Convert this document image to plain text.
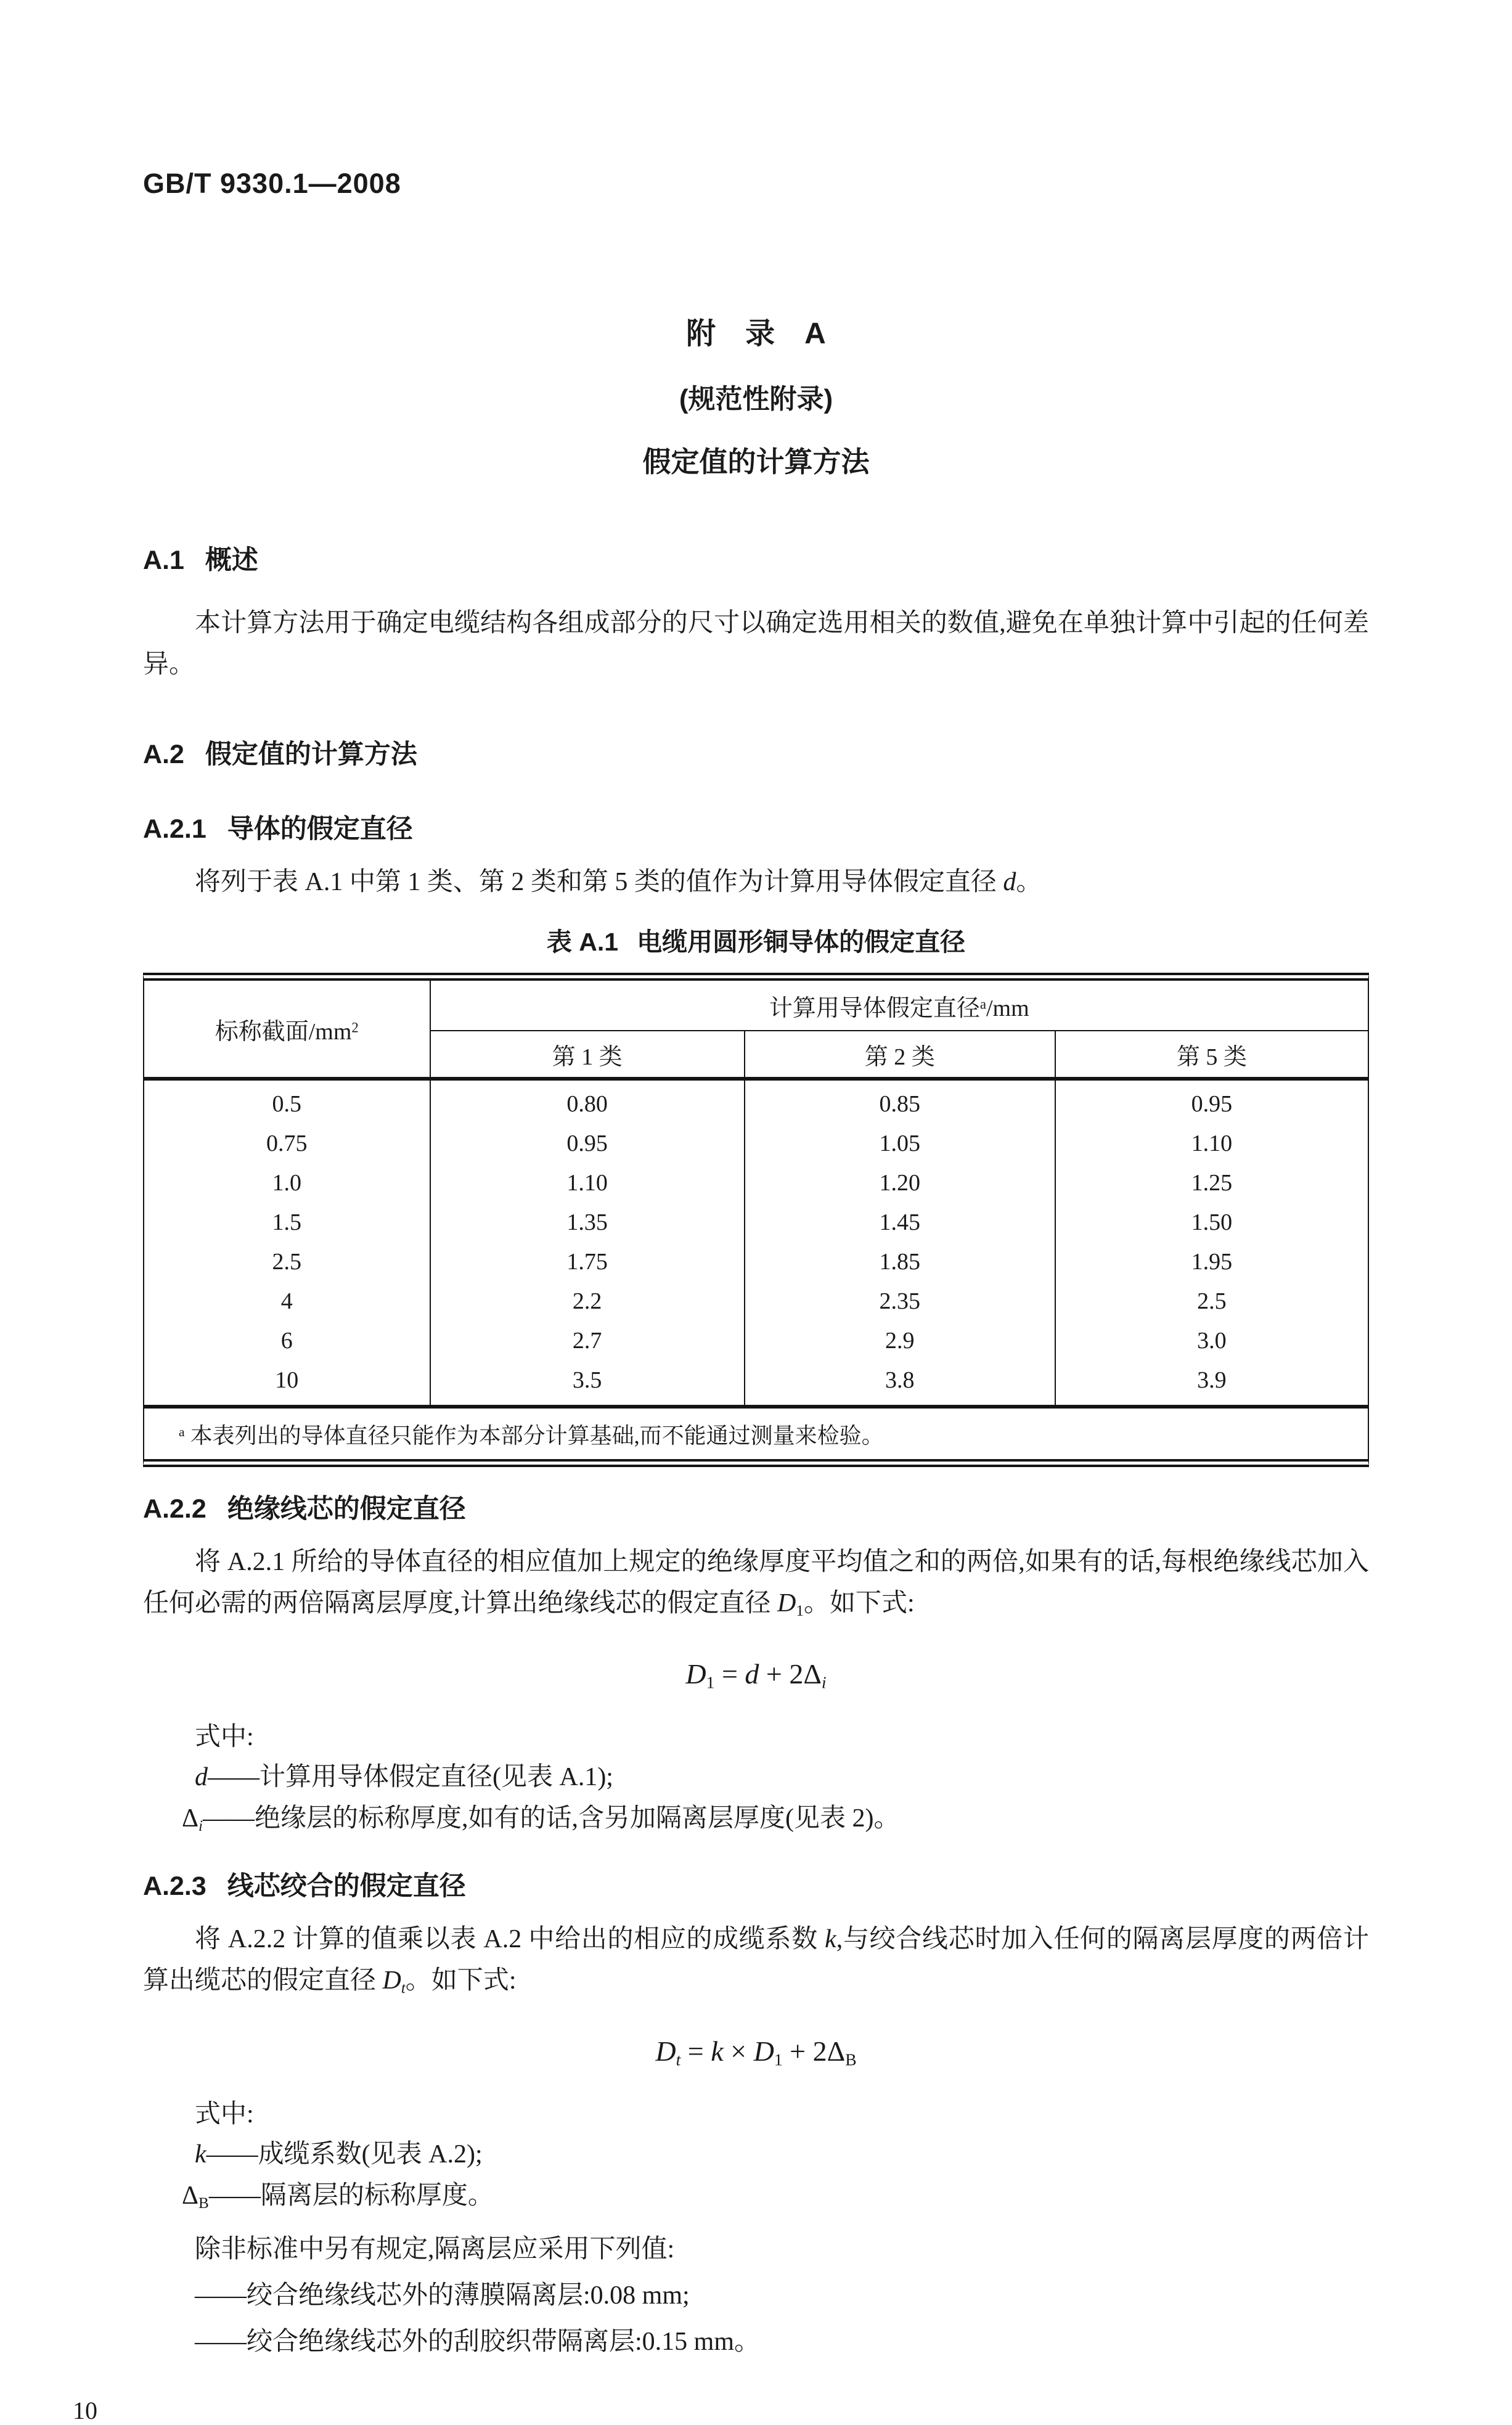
GB/T 9330.1—2008
附　录　A
(规范性附录)
假定值的计算方法
A.1 概述
本计算方法用于确定电缆结构各组成部分的尺寸以确定选用相关的数值,避免在单独计算中引起的任何差异。
A.2 假定值的计算方法
A.2.1 导体的假定直径
将列于表 A.1 中第 1 类、第 2 类和第 5 类的值作为计算用导体假定直径 d。
表 A.1 电缆用圆形铜导体的假定直径
标称截面$/mm^2$	计算用导体假定直径$^a$/mm		
	第 1 类	第 2 类	第 5 类
0.5	0.80	0.85	0.95
0.75	0.95	1.05	1.10
1.0	1.10	1.20	1.25
1.5	1.35	1.45	1.50
2.5	1.75	1.85	1.95
4	2.2	2.35	2.5
6	2.7	2.9	3.0
10	3.5	3.8	3.9
$^a$ 本表列出的导体直径只能作为本部分计算基础,而不能通过测量来检验。			
A.2.2 绝缘线芯的假定直径
将 A.2.1 所给的导体直径的相应值加上规定的绝缘厚度平均值之和的两倍,如果有的话,每根绝缘线芯加入任何必需的两倍隔离层厚度,计算出绝缘线芯的假定直径 $D_1$。如下式:
$D_1 = d + 2\Delta_i$
式中:
d——计算用导体假定直径(见表 A.1);
$\Delta_i——$绝缘层的标称厚度,如有的话,含另加隔离层厚度(见表 2)。
A.2.3 线芯绞合的假定直径
将 A.2.2 计算的值乘以表 A.2 中给出的相应的成缆系数 k,与绞合线芯时加入任何的隔离层厚度的两倍计算出缆芯的假定直径 $D_t$。如下式:
$D_t = k \times D_1 + 2\Delta_B$
式中:
k——成缆系数(见表 A.2);
$\Delta_B——$隔离层的标称厚度。
除非标准中另有规定,隔离层应采用下列值:
——绞合绝缘线芯外的薄膜隔离层:0.08 mm;
——绞合绝缘线芯外的刮胶织带隔离层:0.15 mm。
10
